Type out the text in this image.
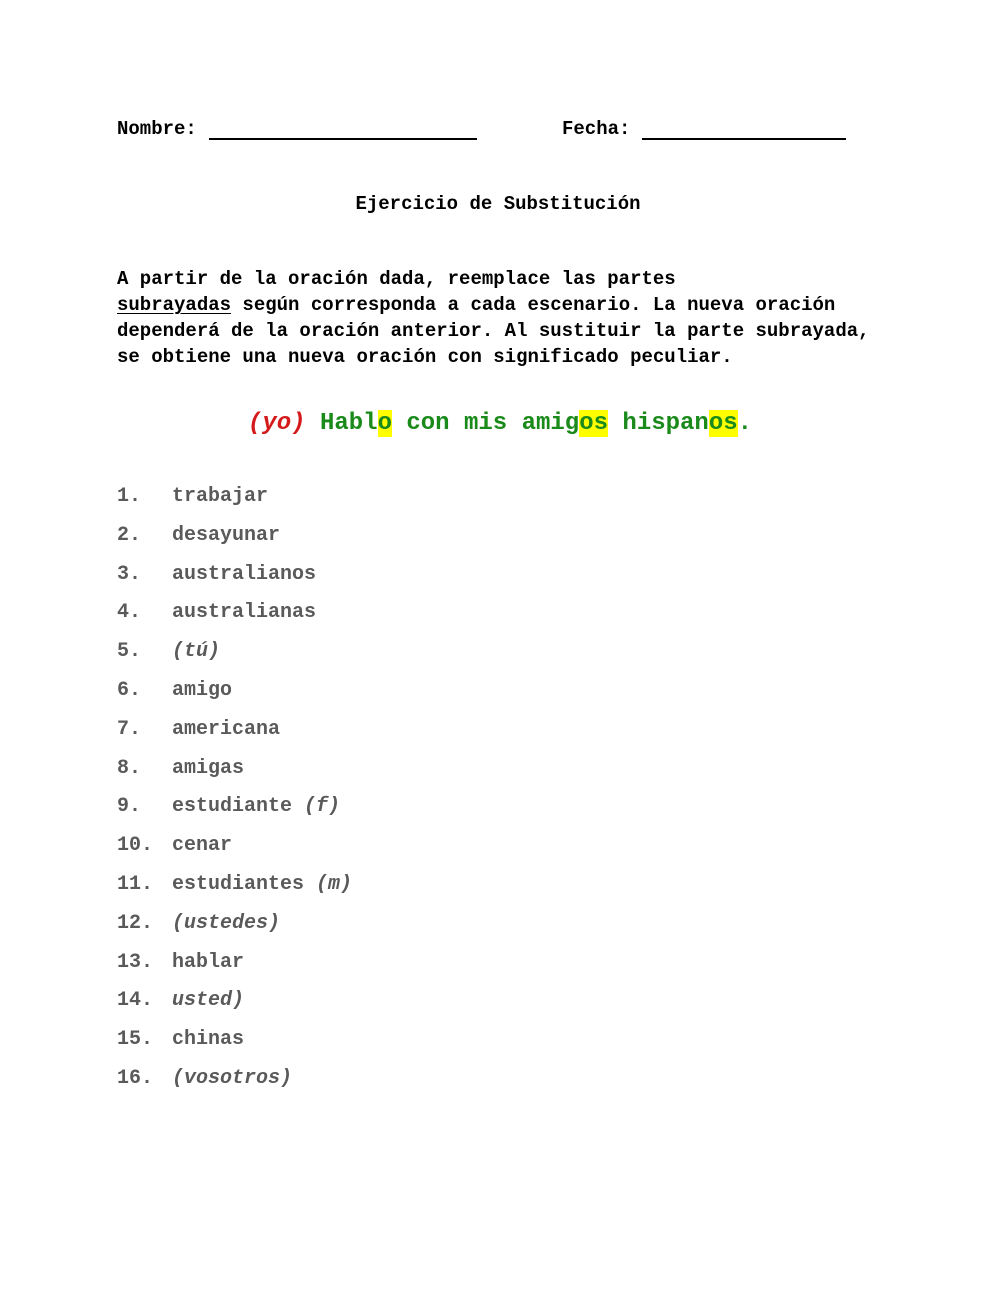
Nombre:	Fecha:
Ejercicio de Substitución
A partir de la oración dada, reemplace las partes
subrayadas según corresponda a cada escenario. La nueva oración dependerá de la oración anterior. Al sustituir la parte subrayada, se obtiene una nueva oración con significado peculiar.
(yo) Hablo con mis amigos hispanos.
1.	trabajar
2.	desayunar
3.	australianos
4.	australianas
5.	(tú)
6.	amigo
7.	americana
8.	amigas
9.	estudiante (f)
10. cenar
11. estudiantes (m)
12. (ustedes)
13. hablar
14. usted)
15. chinas
16. (vosotros)
